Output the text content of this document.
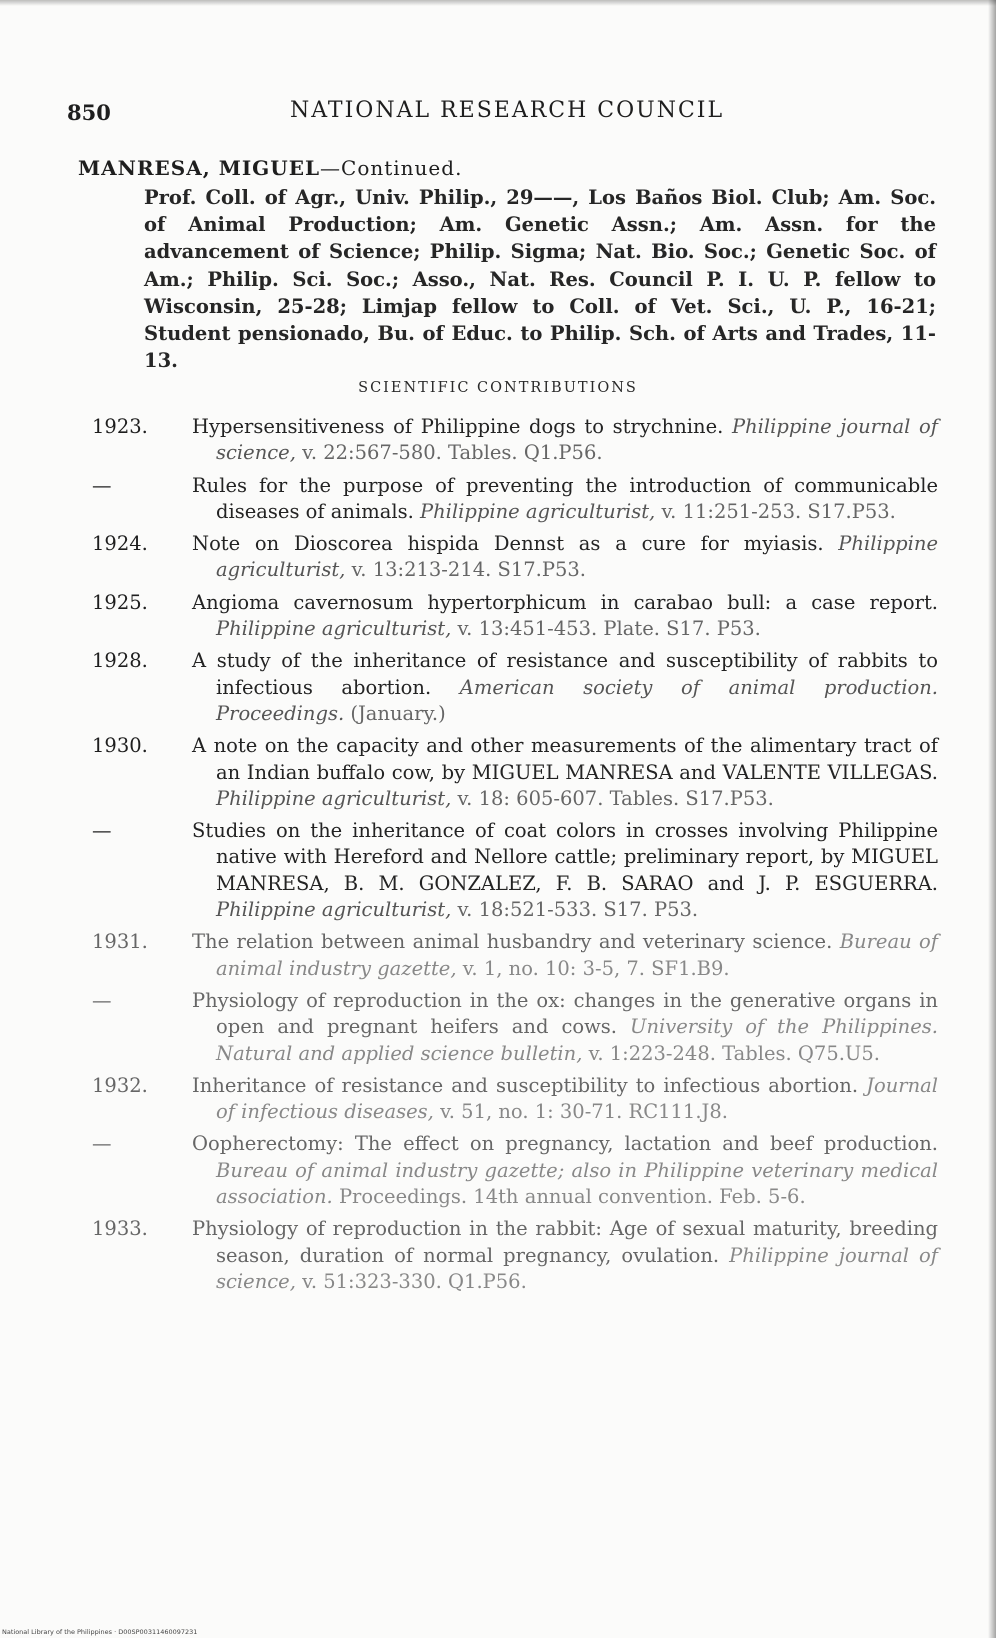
850	NATIONAL RESEARCH COUNCIL
MANRESA, MIGUEL—Continued.
Prof. Coll. of Agr., Univ. Philip., 29——, Los Baños Biol. Club; Am. Soc. of Animal Production; Am. Genetic Assn.; Am. Assn. for the advancement of Science; Philip. Sigma; Nat. Bio. Soc.; Genetic Soc. of Am.; Philip. Sci. Soc.; Asso., Nat. Res. Council P. I. U. P. fellow to Wisconsin, 25-28; Limjap fellow to Coll. of Vet. Sci., U. P., 16-21; Student pensionado, Bu. of Educ. to Philip. Sch. of Arts and Trades, 11-13.
SCIENTIFIC CONTRIBUTIONS
1923. Hypersensitiveness of Philippine dogs to strychnine. Philippine journal of science, v. 22:567-580. Tables. Q1.P56.
—	Rules for the purpose of preventing the introduction of communicable diseases of animals. Philippine agriculturist, v. 11:251-253. S17.P53.
1924. Note on Dioscorea hispida Dennst as a cure for myiasis. Philippine agriculturist, v. 13:213-214. S17.P53.
1925. Angioma cavernosum hypertorphicum in carabao bull: a case report. Philippine agriculturist, v. 13:451-453. Plate. S17. P53.
1928. A study of the inheritance of resistance and susceptibility of rabbits to infectious abortion. American society of animal production. Proceedings. (January.)
1930. A note on the capacity and other measurements of the alimentary tract of an Indian buffalo cow, by MIGUEL MANRESA and VALENTE VILLEGAS. Philippine agriculturist, v. 18: 605-607. Tables. S17.P53.
—	Studies on the inheritance of coat colors in crosses involving Philippine native with Hereford and Nellore cattle; preliminary report, by MIGUEL MANRESA, B. M. GONZALEZ, F. B. SARAO and J. P. ESGUERRA. Philippine agriculturist, v. 18:521-533. S17. P53.
1931. The relation between animal husbandry and veterinary science. Bureau of animal industry gazette, v. 1, no. 10: 3-5, 7. SF1.B9.
—	Physiology of reproduction in the ox: changes in the generative organs in open and pregnant heifers and cows. University of the Philippines. Natural and applied science bulletin, v. 1:223-248. Tables. Q75.U5.
1932. Inheritance of resistance and susceptibility to infectious abortion. Journal of infectious diseases, v. 51, no. 1: 30-71. RC111.J8.
—	Oopherectomy: The effect on pregnancy, lactation and beef production. Bureau of animal industry gazette; also in Philippine veterinary medical association. Proceedings. 14th annual convention. Feb. 5-6.
1933. Physiology of reproduction in the rabbit: Age of sexual maturity, breeding season, duration of normal pregnancy, ovulation. Philippine journal of science, v. 51:323-330. Q1.P56.
National Library of the Philippines · D00SP00311460097231
